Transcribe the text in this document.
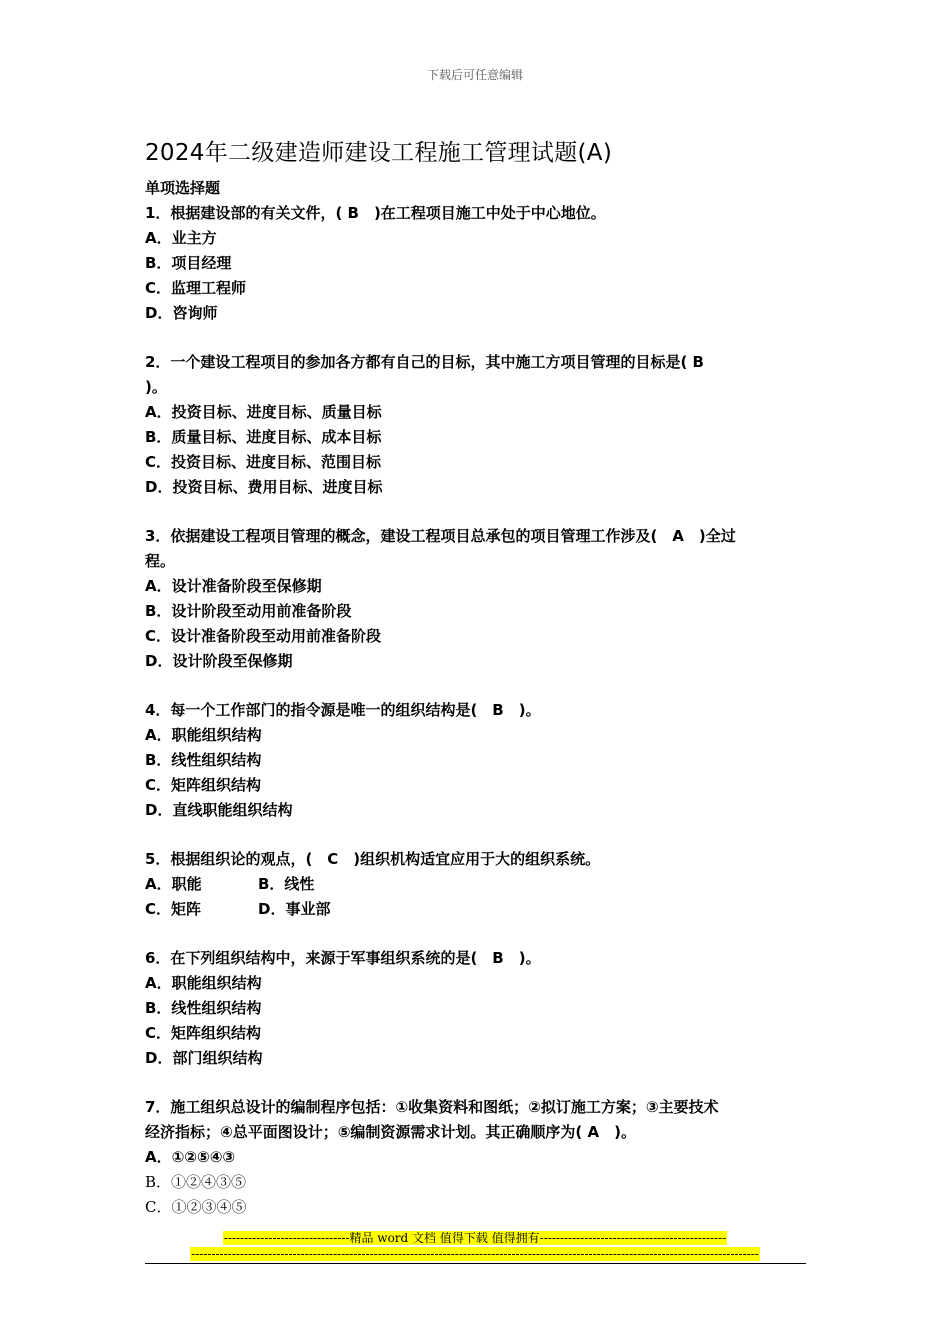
下载后可任意编辑
2024年二级建造师建设工程施工管理试题(A)
单项选择题
1．根据建设部的有关文件，( B　)在工程项目施工中处于中心地位。
A．业主方
B．项目经理
C．监理工程师
D．咨询师
2．一个建设工程项目的参加各方都有自己的目标，其中施工方项目管理的目标是( B
)。
A．投资目标、进度目标、质量目标
B．质量目标、进度目标、成本目标
C．投资目标、进度目标、范围目标
D．投资目标、费用目标、进度目标
3．依据建设工程项目管理的概念，建设工程项目总承包的项目管理工作涉及(　A　)全过
程。
A．设计准备阶段至保修期
B．设计阶段至动用前准备阶段
C．设计准备阶段至动用前准备阶段
D．设计阶段至保修期
4．每一个工作部门的指令源是唯一的组织结构是(　B　)。
A．职能组织结构
B．线性组织结构
C．矩阵组织结构
D．直线职能组织结构
5．根据组织论的观点，(　C　)组织机构适宜应用于大的组织系统。
A．职能	B．线性
C．矩阵	D．事业部
6．在下列组织结构中，来源于军事组织系统的是(　B　)。
A．职能组织结构
B．线性组织结构
C．矩阵组织结构
D．部门组织结构
7．施工组织总设计的编制程序包括：①收集资料和图纸；②拟订施工方案；③主要技术
经济指标；④总平面图设计；⑤编制资源需求计划。其正确顺序为( A　)。
A．①②⑤④③
B．①②④③⑤
C．①②③④⑤
-------------------------------精品 word 文档 值得下载 值得拥有----------------------------------------------
--------------------------------------------------------------------------------------------------------------------------------------------
